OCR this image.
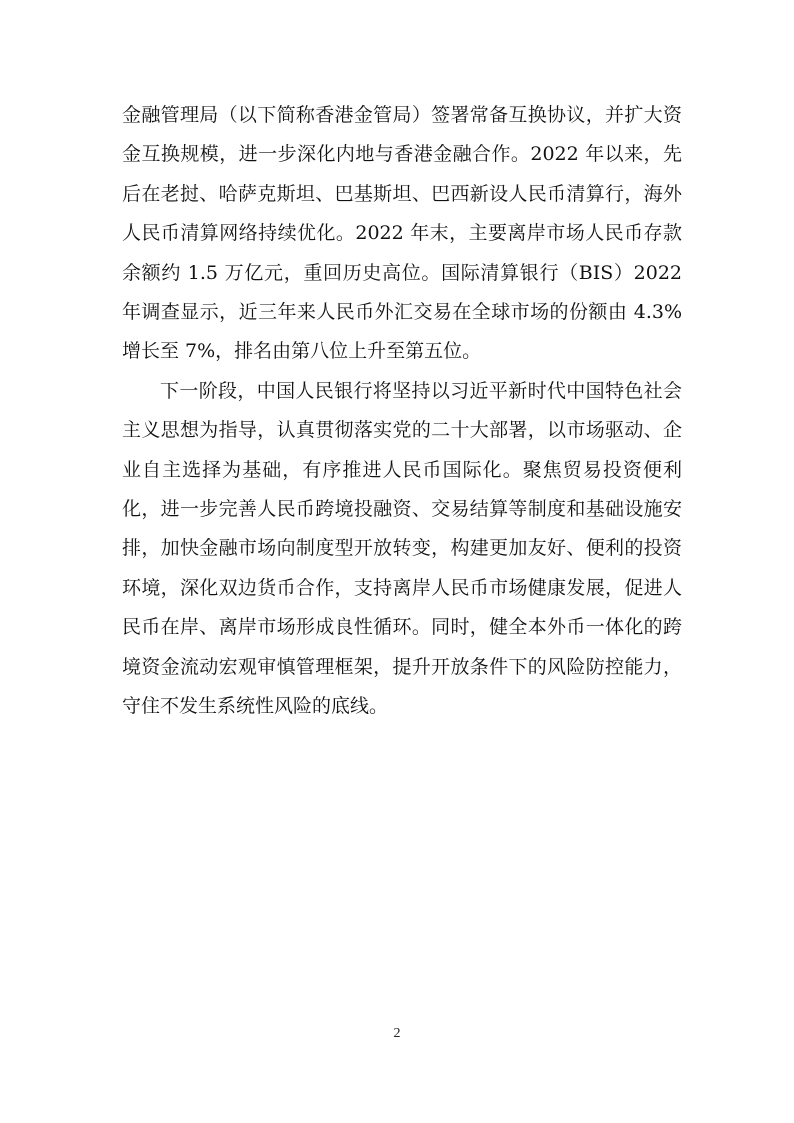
金融管理局（以下简称香港金管局）签署常备互换协议，并扩大资金互换规模，进一步深化内地与香港金融合作。2022 年以来，先后在老挝、哈萨克斯坦、巴基斯坦、巴西新设人民币清算行，海外人民币清算网络持续优化。2022 年末，主要离岸市场人民币存款余额约 1.5 万亿元，重回历史高位。国际清算银行（BIS）2022 年调查显示，近三年来人民币外汇交易在全球市场的份额由 4.3%增长至 7%，排名由第八位上升至第五位。

下一阶段，中国人民银行将坚持以习近平新时代中国特色社会主义思想为指导，认真贯彻落实党的二十大部署，以市场驱动、企业自主选择为基础，有序推进人民币国际化。聚焦贸易投资便利化，进一步完善人民币跨境投融资、交易结算等制度和基础设施安排，加快金融市场向制度型开放转变，构建更加友好、便利的投资环境，深化双边货币合作，支持离岸人民币市场健康发展，促进人民币在岸、离岸市场形成良性循环。同时，健全本外币一体化的跨境资金流动宏观审慎管理框架，提升开放条件下的风险防控能力，守住不发生系统性风险的底线。

2
